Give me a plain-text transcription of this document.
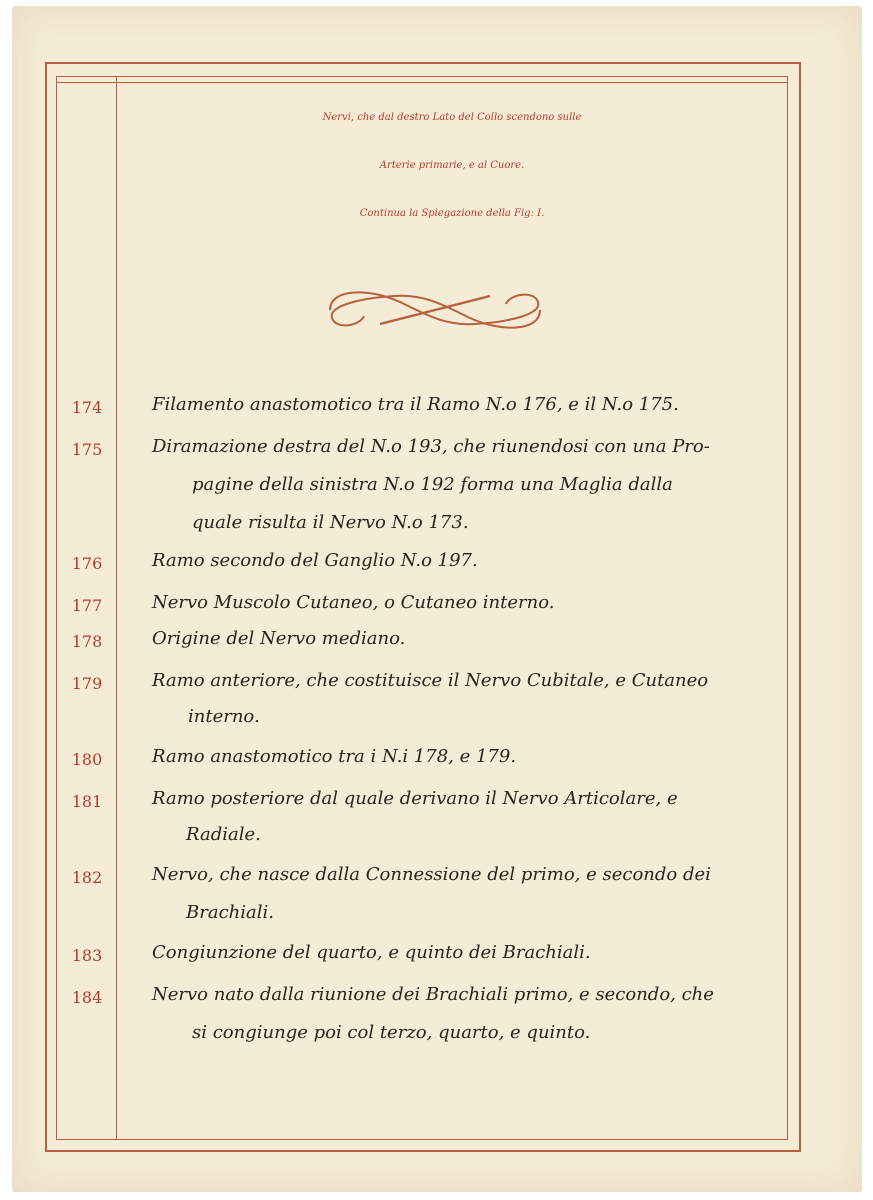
Nervi, che dal destro Lato del Collo scendono sulle
Arterie primarie, e al Cuore.
Continua la Spiegazione della Fig: I.
174	Filamento anastomotico tra il Ramo N.o 176, e il N.o 175.
175	Diramazione destra del N.o 193, che riunendosi con una Pro-
pagine della sinistra N.o 192 forma una Maglia dalla
quale risulta il Nervo N.o 173.
176	Ramo secondo del Ganglio N.o 197.
177	Nervo Muscolo Cutaneo, o Cutaneo interno.
178	Origine del Nervo mediano.
179	Ramo anteriore, che costituisce il Nervo Cubitale, e Cutaneo
interno.
180	Ramo anastomotico tra i N.i 178, e 179.
181	Ramo posteriore dal quale derivano il Nervo Articolare, e
Radiale.
182	Nervo, che nasce dalla Connessione del primo, e secondo dei
Brachiali.
183	Congiunzione del quarto, e quinto dei Brachiali.
184	Nervo nato dalla riunione dei Brachiali primo, e secondo, che
si congiunge poi col terzo, quarto, e quinto.
